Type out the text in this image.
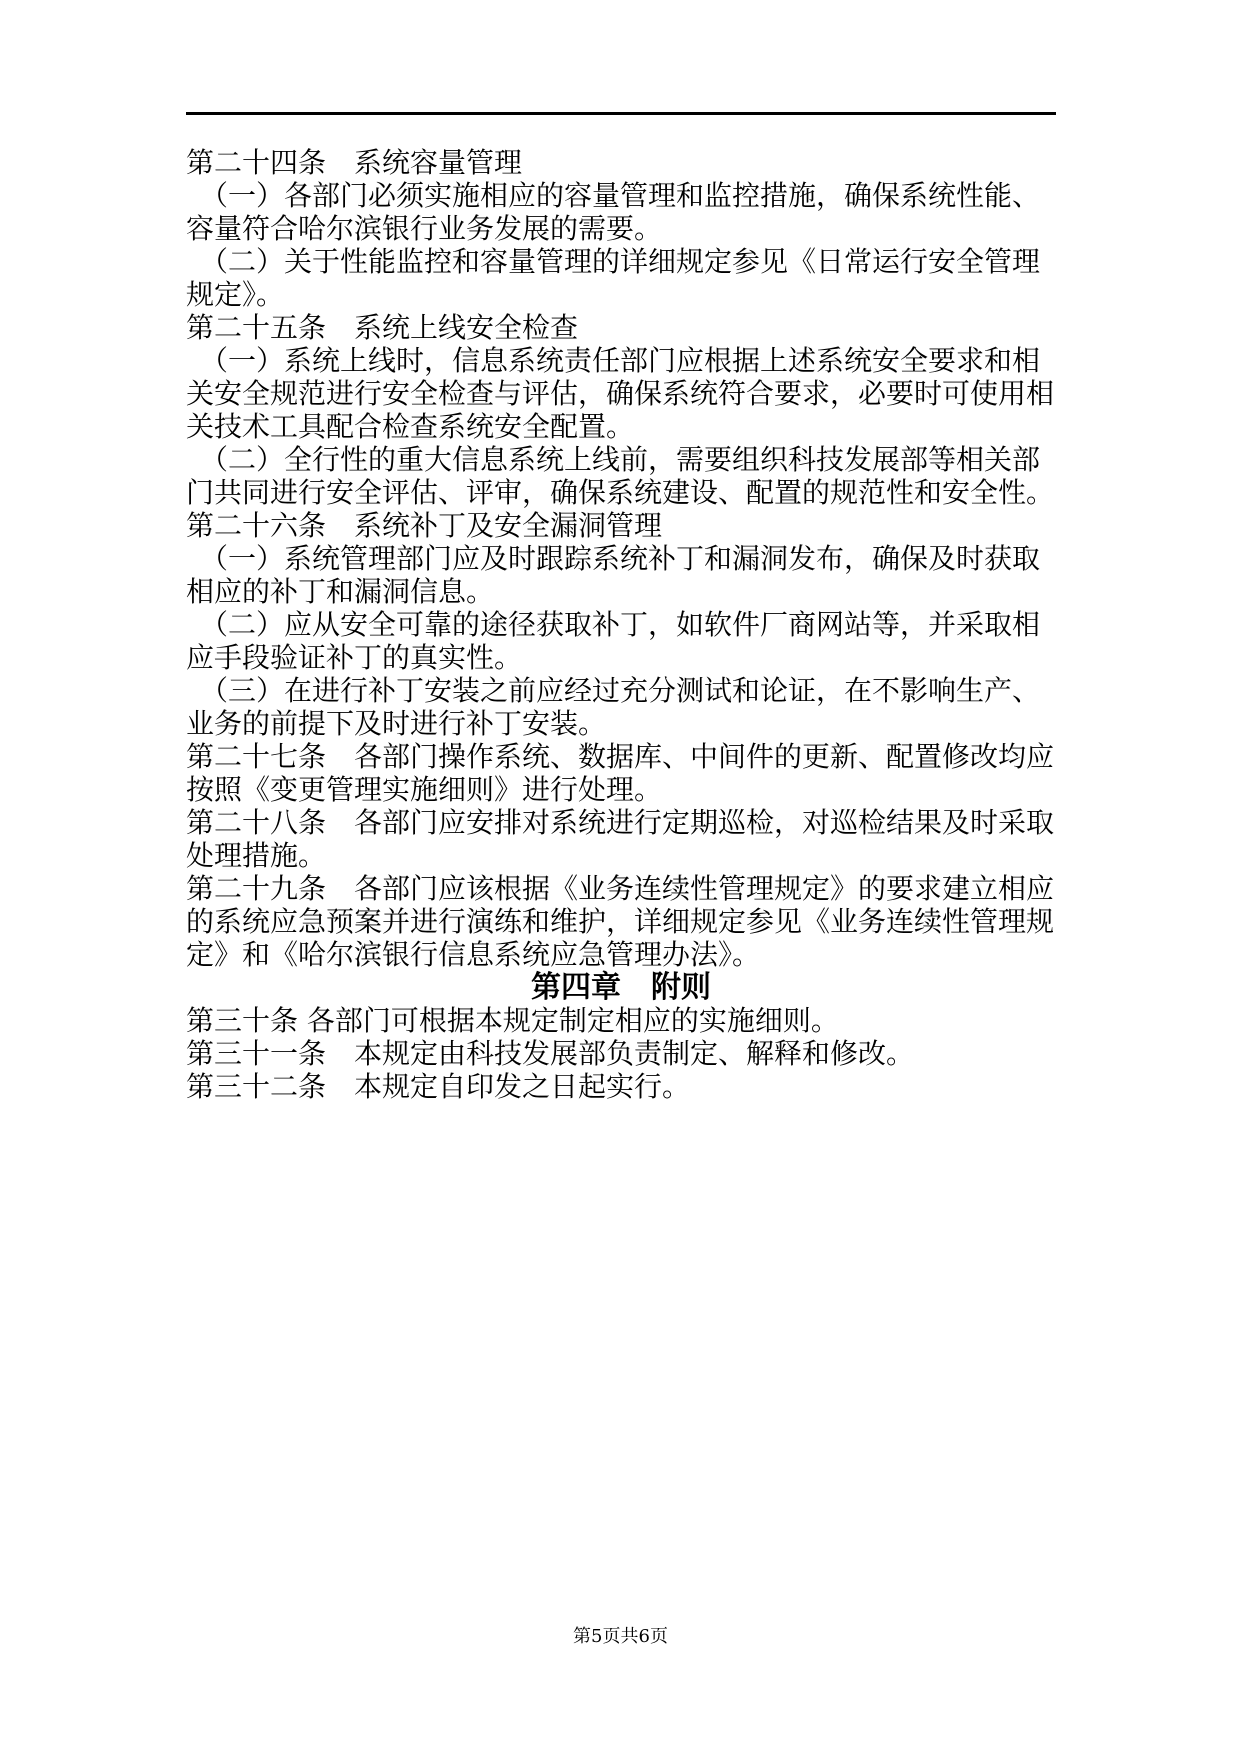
第二十四条　系统容量管理

（一）各部门必须实施相应的容量管理和监控措施，确保系统性能、容量符合哈尔滨银行业务发展的需要。

（二）关于性能监控和容量管理的详细规定参见《日常运行安全管理规定》。

第二十五条　系统上线安全检查

（一）系统上线时，信息系统责任部门应根据上述系统安全要求和相关安全规范进行安全检查与评估，确保系统符合要求，必要时可使用相关技术工具配合检查系统安全配置。

（二）全行性的重大信息系统上线前，需要组织科技发展部等相关部门共同进行安全评估、评审，确保系统建设、配置的规范性和安全性。

第二十六条　系统补丁及安全漏洞管理

（一）系统管理部门应及时跟踪系统补丁和漏洞发布，确保及时获取相应的补丁和漏洞信息。

（二）应从安全可靠的途径获取补丁，如软件厂商网站等，并采取相应手段验证补丁的真实性。

（三）在进行补丁安装之前应经过充分测试和论证，在不影响生产、业务的前提下及时进行补丁安装。

第二十七条　各部门操作系统、数据库、中间件的更新、配置修改均应按照《变更管理实施细则》进行处理。

第二十八条　各部门应安排对系统进行定期巡检，对巡检结果及时采取处理措施。

第二十九条　各部门应该根据《业务连续性管理规定》的要求建立相应的系统应急预案并进行演练和维护，详细规定参见《业务连续性管理规定》和《哈尔滨银行信息系统应急管理办法》。

第四章　附则

第三十条 各部门可根据本规定制定相应的实施细则。

第三十一条　本规定由科技发展部负责制定、解释和修改。

第三十二条　本规定自印发之日起实行。

第5页共6页
